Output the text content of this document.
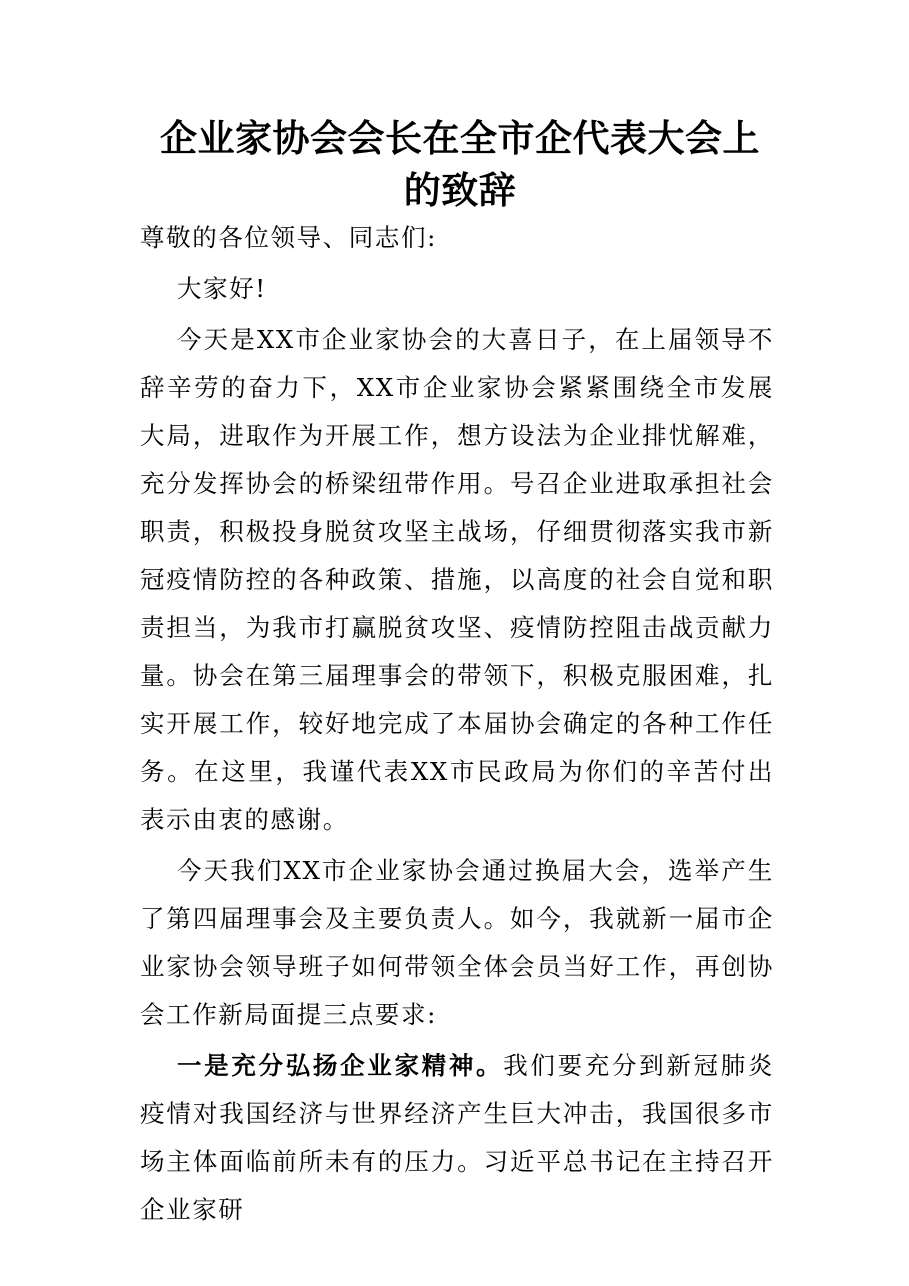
企业家协会会长在全市企代表大会上的致辞

尊敬的各位领导、同志们:

大家好!

今天是XX市企业家协会的大喜日子，在上届领导不辞辛劳的奋力下，XX市企业家协会紧紧围绕全市发展大局，进取作为开展工作，想方设法为企业排忧解难，充分发挥协会的桥梁纽带作用。号召企业进取承担社会职责，积极投身脱贫攻坚主战场，仔细贯彻落实我市新冠疫情防控的各种政策、措施，以高度的社会自觉和职责担当，为我市打赢脱贫攻坚、疫情防控阻击战贡献力量。协会在第三届理事会的带领下，积极克服困难，扎实开展工作，较好地完成了本届协会确定的各种工作任务。在这里，我谨代表XX市民政局为你们的辛苦付出表示由衷的感谢。

今天我们XX市企业家协会通过换届大会，选举产生了第四届理事会及主要负责人。如今，我就新一届市企业家协会领导班子如何带领全体会员当好工作，再创协会工作新局面提三点要求:

一是充分弘扬企业家精神。我们要充分到新冠肺炎疫情对我国经济与世界经济产生巨大冲击，我国很多市场主体面临前所未有的压力。习近平总书记在主持召开企业家研
